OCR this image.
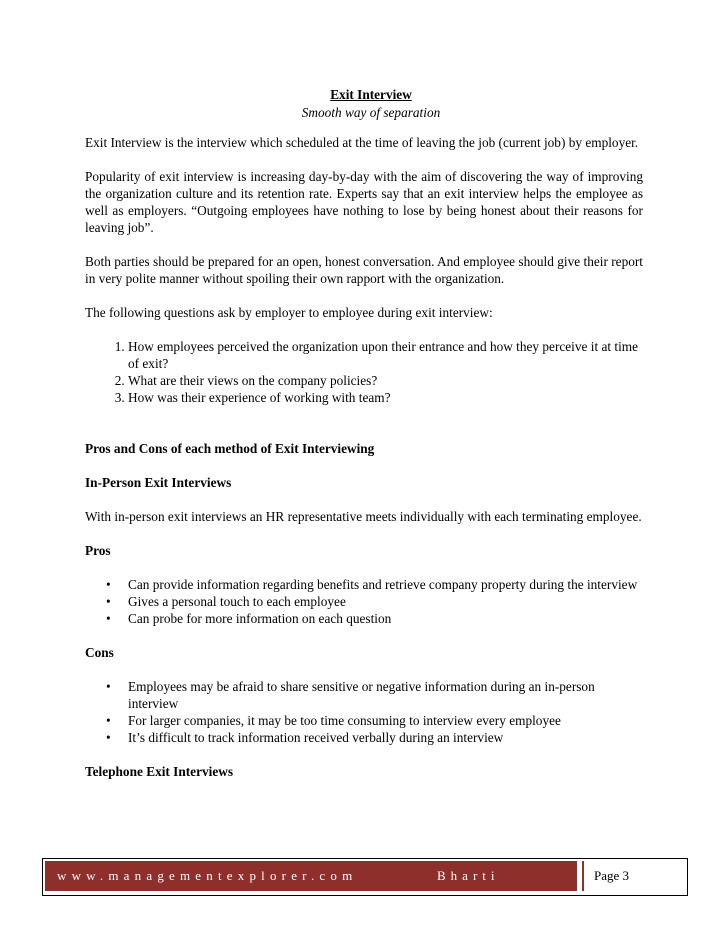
Exit Interview
Smooth way of separation

Exit Interview is the interview which scheduled at the time of leaving the job (current job) by employer.

Popularity of exit interview is increasing day-by-day with the aim of discovering the way of improving the organization culture and its retention rate. Experts say that an exit interview helps the employee as well as employers. “Outgoing employees have nothing to lose by being honest about their reasons for leaving job”.

Both parties should be prepared for an open, honest conversation. And employee should give their report in very polite manner without spoiling their own rapport with the organization.

The following questions ask by employer to employee during exit interview:

1. How employees perceived the organization upon their entrance and how they perceive it at time of exit?
2. What are their views on the company policies?
3. How was their experience of working with team?
Pros and Cons of each method of Exit Interviewing
In-Person Exit Interviews

With in-person exit interviews an HR representative meets individually with each terminating employee.

Pros
• Can provide information regarding benefits and retrieve company property during the interview
• Gives a personal touch to each employee
• Can probe for more information on each question
Cons
• Employees may be afraid to share sensitive or negative information during an in-person interview
• For larger companies, it may be too time consuming to interview every employee
• It’s difficult to track information received verbally during an interview
Telephone Exit Interviews
www.managementexplorer.com	Bharti Bhutani
Page 3
